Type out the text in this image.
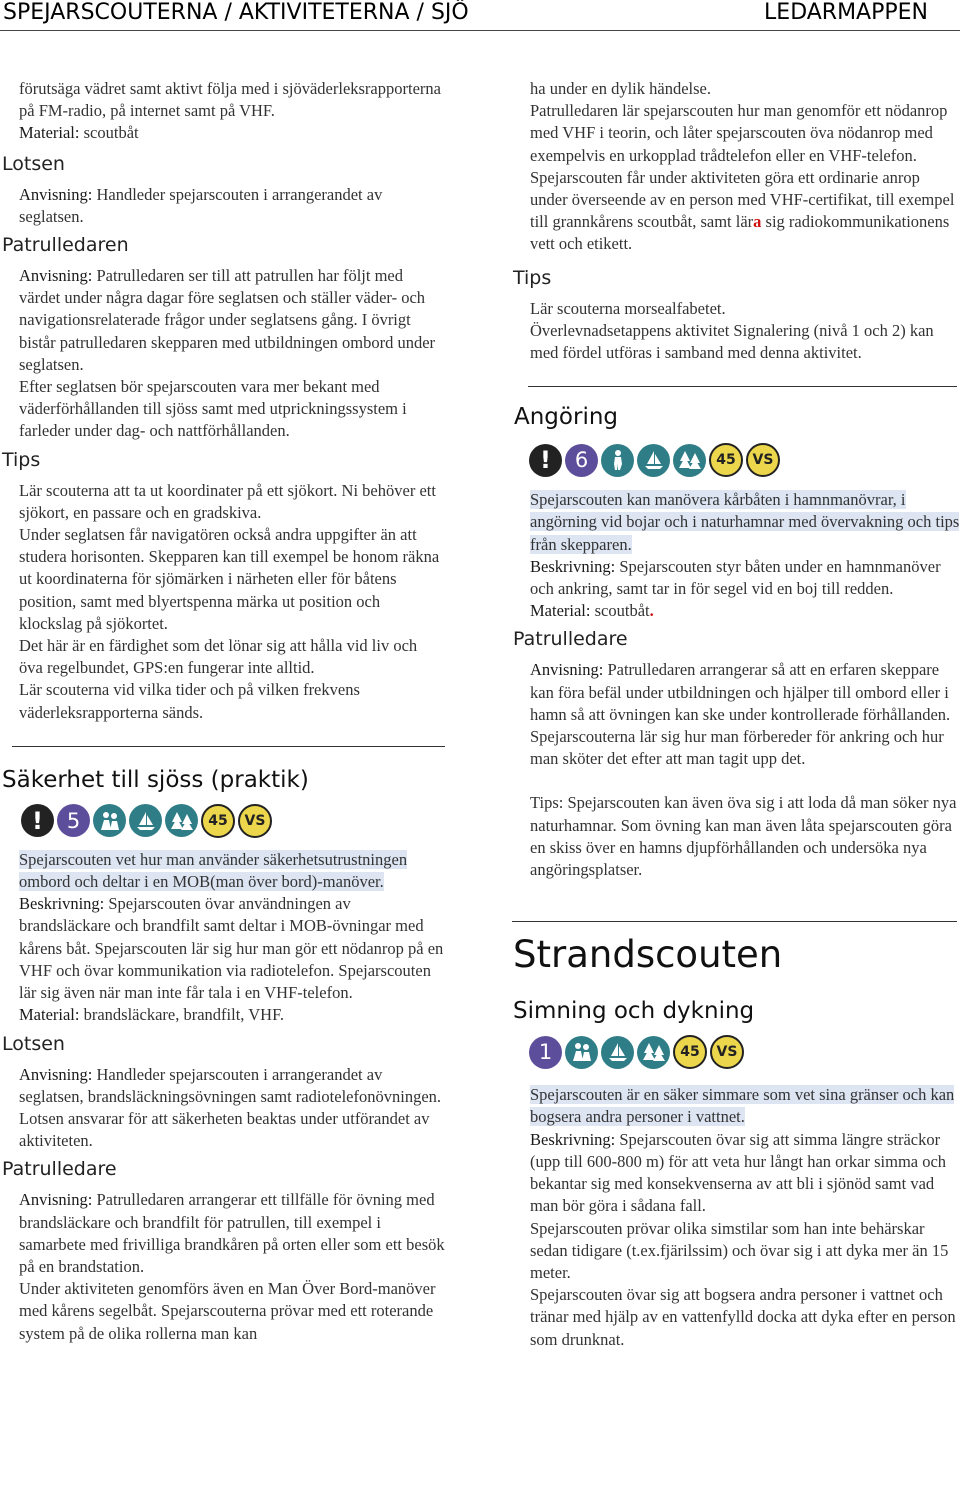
SPEJARSCOUTERNA / AKTIVITETERNA / SJÖ	LEDARMAPPEN

förutsäga vädret samt aktivt följa med i sjöväderleksrapporterna på FM-radio, på internet samt på VHF.

Material: scoutbåt

Lotsen

Anvisning: Handleder spejarscouten i arrangerandet av seglatsen.

Patrulledaren

Anvisning: Patrulledaren ser till att patrullen har följt med värdet under några dagar före seglatsen och ställer väder- och navigationsrelaterade frågor under seglatsens gång. I övrigt bistår patrulledaren skepparen med utbildningen ombord under seglatsen.

Efter seglatsen bör spejarscouten vara mer bekant med väderförhållanden till sjöss samt med utprickningssystem i farleder under dag- och nattförhållanden.

Tips

Lär scouterna att ta ut koordinater på ett sjökort. Ni behöver ett sjökort, en passare och en gradskiva.

Under seglatsen får navigatören också andra uppgifter än att studera horisonten. Skepparen kan till exempel be honom räkna ut koordinaterna för sjömärken i närheten eller för båtens position, samt med blyertspenna märka ut position och klockslag på sjökortet.

Det här är en färdighet som det lönar sig att hålla vid liv och öva regelbundet, GPS:en fungerar inte alltid.

Lär scouterna vid vilka tider och på vilken frekvens väderleksrapporterna sänds.

Säkerhet till sjöss (praktik)
!	5	45	VS

Spejarscouten vet hur man använder säkerhetsutrustningen ombord och deltar i en MOB(man över bord)-manöver.

Beskrivning: Spejarscouten övar användningen av brandsläckare och brandfilt samt deltar i MOB-övningar med kårens båt. Spejarscouten lär sig hur man gör ett nödanrop på en VHF och övar kommunikation via radiotelefon. Spejarscouten lär sig även när man inte får tala i en VHF-telefon.

Material: brandsläckare, brandfilt, VHF.

Lotsen

Anvisning: Handleder spejarscouten i arrangerandet av seglatsen, brandsläckningsövningen samt radiotelefonövningen. Lotsen ansvarar för att säkerheten beaktas under utförandet av aktiviteten.

Patrulledare

Anvisning: Patrulledaren arrangerar ett tillfälle för övning med brandsläckare och brandfilt för patrullen, till exempel i samarbete med frivilliga brandkåren på orten eller som ett besök på en brandstation.

Under aktiviteten genomförs även en Man Över Bord-manöver med kårens segelbåt. Spejarscouterna prövar med ett roterande system på de olika rollerna man kan

ha under en dylik händelse.

Patrulledaren lär spejarscouten hur man genomför ett nödanrop med VHF i teorin, och låter spejarscouten öva nödanrop med exempelvis en urkopplad trådtelefon eller en VHF-telefon. Spejarscouten får under aktiviteten göra ett ordinarie anrop under överseende av en person med VHF-certifikat, till exempel till grannkårens scoutbåt, samt lära sig radiokommunikationens vett och etikett.

Tips

Lär scouterna morsealfabetet.

Överlevnadsetappens aktivitet Signalering (nivå 1 och 2) kan med fördel utföras i samband med denna aktivitet.

Angöring
!	6	45	VS

Spejarscouten kan manövera kårbåten i hamnmanövrar, i angörning vid bojar och i naturhamnar med övervakning och tips från skepparen.

Beskrivning: Spejarscouten styr båten under en hamnmanöver och ankring, samt tar in för segel vid en boj till redden.

Material: scoutbåt.

Patrulledare

Anvisning: Patrulledaren arrangerar så att en erfaren skeppare kan föra befäl under utbildningen och hjälper till ombord eller i hamn så att övningen kan ske under kontrollerade förhållanden.

Spejarscouterna lär sig hur man förbereder för ankring och hur man sköter det efter att man tagit upp det.

Tips: Spejarscouten kan även öva sig i att loda då man söker nya naturhamnar. Som övning kan man även låta spejarscouten göra en skiss över en hamns djupförhållanden och undersöka nya angöringsplatser.

Strandscouten
Simning och dykning
1	45	VS

Spejarscouten är en säker simmare som vet sina gränser och kan bogsera andra personer i vattnet.

Beskrivning: Spejarscouten övar sig att simma längre sträckor (upp till 600-800 m) för att veta hur långt han orkar simma och bekantar sig med konsekvenserna av att bli i sjönöd samt vad man bör göra i sådana fall.

Spejarscouten prövar olika simstilar som han inte behärskar sedan tidigare (t.ex.fjärilssim) och övar sig i att dyka mer än 15 meter.

Spejarscouten övar sig att bogsera andra personer i vattnet och tränar med hjälp av en vattenfylld docka att dyka efter en person som drunknat.
